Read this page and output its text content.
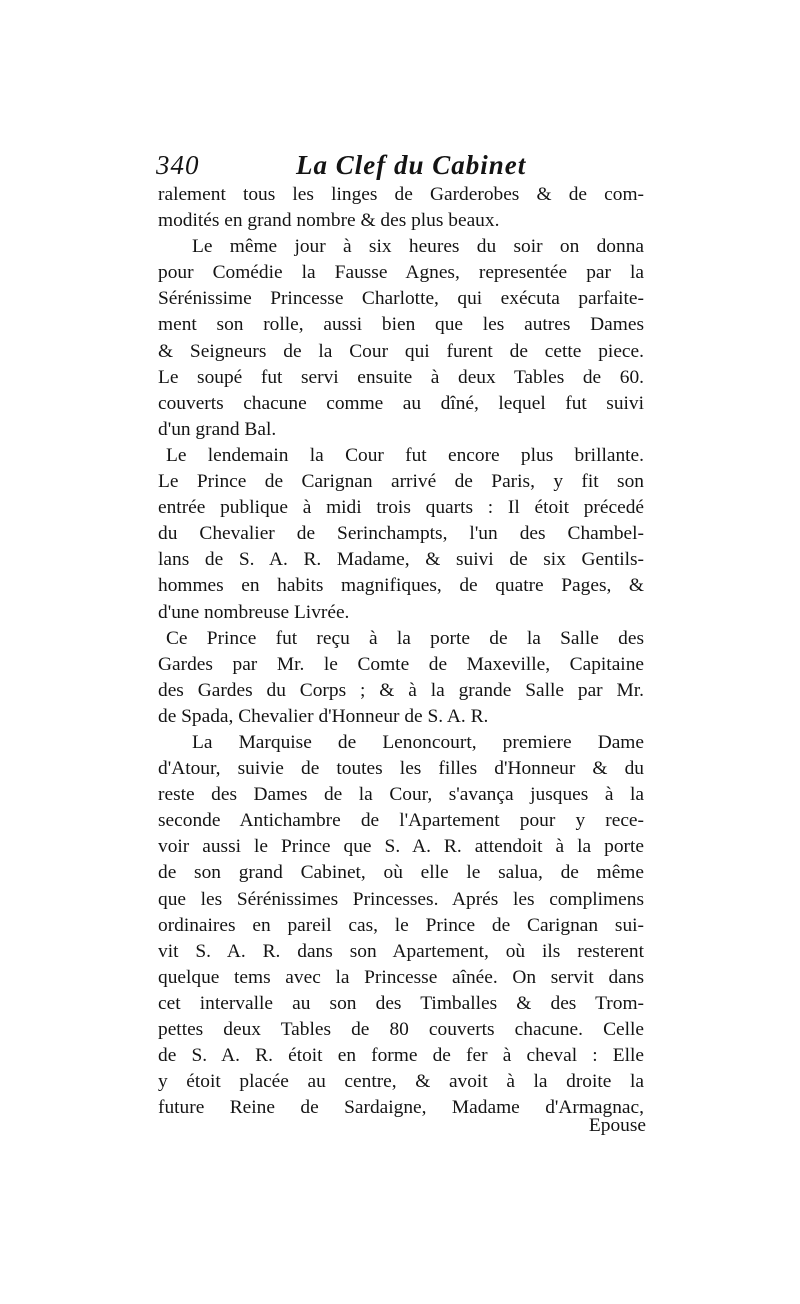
340	La Clef du Cabinet
ralement tous les linges de Garderobes & de com-
modités en grand nombre & des plus beaux.
Le même jour à six heures du soir on donna
pour Comédie la Fausse Agnes, representée par la
Sérénissime Princesse Charlotte, qui exécuta parfaite-
ment son rolle, aussi bien que les autres Dames
& Seigneurs de la Cour qui furent de cette piece.
Le soupé fut servi ensuite à deux Tables de 60.
couverts chacune comme au dîné, lequel fut suivi
d'un grand Bal.
Le lendemain la Cour fut encore plus brillante.
Le Prince de Carignan arrivé de Paris, y fit son
entrée publique à midi trois quarts : Il étoit précedé
du Chevalier de Serinchampts, l'un des Chambel-
lans de S. A. R. Madame, & suivi de six Gentils-
hommes en habits magnifiques, de quatre Pages, &
d'une nombreuse Livrée.
Ce Prince fut reçu à la porte de la Salle des
Gardes par Mr. le Comte de Maxeville, Capitaine
des Gardes du Corps ; & à la grande Salle par Mr.
de Spada, Chevalier d'Honneur de S. A. R.
La Marquise de Lenoncourt, premiere Dame
d'Atour, suivie de toutes les filles d'Honneur & du
reste des Dames de la Cour, s'avança jusques à la
seconde Antichambre de l'Apartement pour y rece-
voir aussi le Prince que S. A. R. attendoit à la porte
de son grand Cabinet, où elle le salua, de même
que les Sérénissimes Princesses. Aprés les complimens
ordinaires en pareil cas, le Prince de Carignan sui-
vit S. A. R. dans son Apartement, où ils resterent
quelque tems avec la Princesse aînée. On servit dans
cet intervalle au son des Timballes & des Trom-
pettes deux Tables de 80 couverts chacune. Celle
de S. A. R. étoit en forme de fer à cheval : Elle
y étoit placée au centre, & avoit à la droite la
future Reine de Sardaigne, Madame d'Armagnac,
Epouse
